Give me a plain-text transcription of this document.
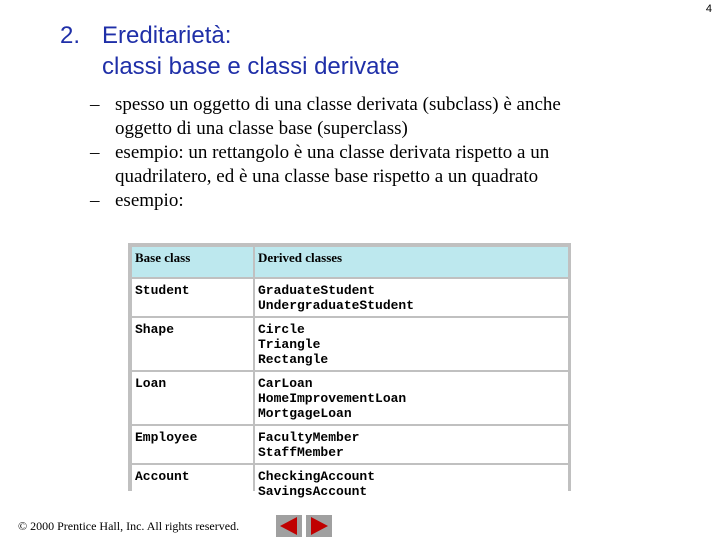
4
2. Ereditarietà:
classi base e classi derivate
– spesso un oggetto di una classe derivata (subclass) è anche
oggetto di una classe base (superclass)
– esempio: un rettangolo è una classe derivata rispetto a un
quadrilatero, ed è una classe base rispetto a un quadrato
– esempio:
Base class	Derived classes
Student	GraduateStudent
UndergraduateStudent

Shape	Circle
Triangle
Rectangle

Loan	CarLoan
HomeImprovementLoan
MortgageLoan

Employee	FacultyMember
StaffMember

Account	CheckingAccount
SavingsAccount
© 2000 Prentice Hall, Inc. All rights reserved.
